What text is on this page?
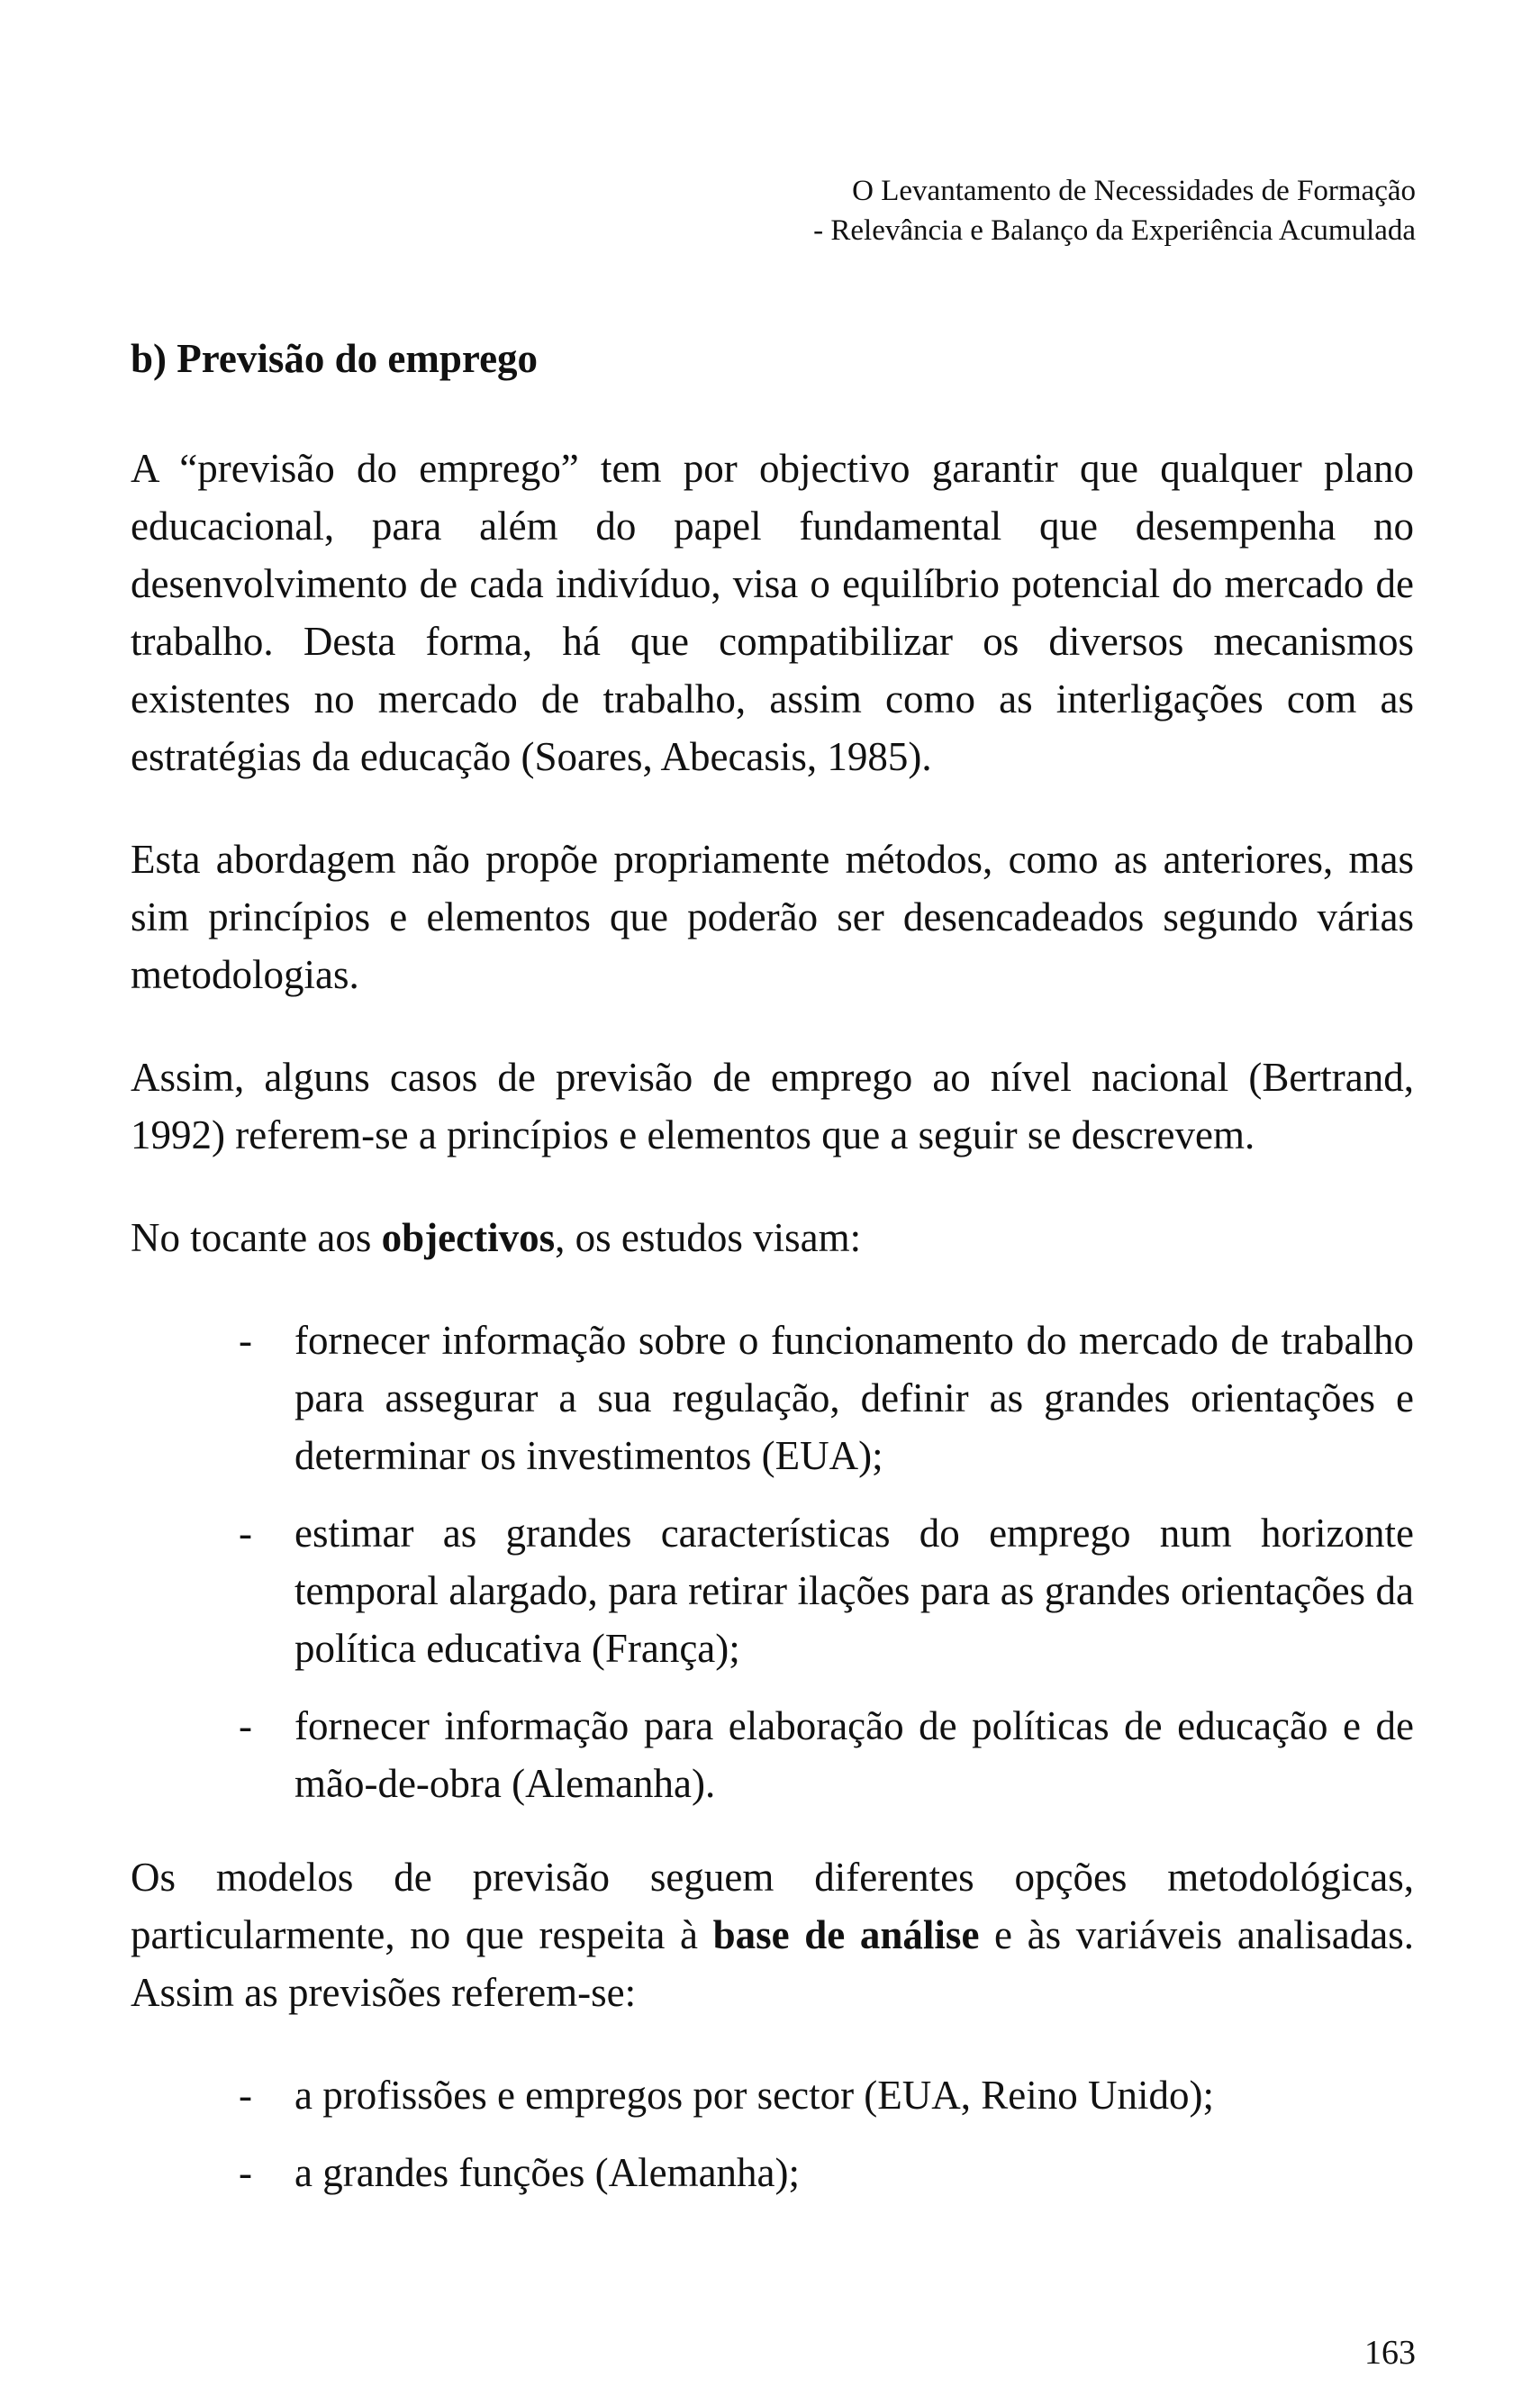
O Levantamento de Necessidades de Formação
- Relevância e Balanço da Experiência Acumulada
b) Previsão do emprego

A “previsão do emprego” tem por objectivo garantir que qualquer plano educacional, para além do papel fundamental que desempenha no desenvolvimento de cada indivíduo, visa o equilíbrio potencial do mercado de trabalho. Desta forma, há que compatibilizar os diversos mecanismos existentes no mercado de trabalho, assim como as interligações com as estratégias da educação (Soares, Abecasis, 1985).

Esta abordagem não propõe propriamente métodos, como as anteriores, mas sim princípios e elementos que poderão ser desencadeados segundo várias metodologias.

Assim, alguns casos de previsão de emprego ao nível nacional (Bertrand, 1992) referem-se a princípios e elementos que a seguir se descrevem.

No tocante aos objectivos, os estudos visam:

- fornecer informação sobre o funcionamento do mercado de trabalho para assegurar a sua regulação, definir as grandes orientações e determinar os investimentos (EUA);
- estimar as grandes características do emprego num horizonte temporal alargado, para retirar ilações para as grandes orientações da política educativa (França);
- fornecer informação para elaboração de políticas de educação e de mão-de-obra (Alemanha).

Os modelos de previsão seguem diferentes opções metodológicas, particularmente, no que respeita à base de análise e às variáveis analisadas. Assim as previsões referem-se:

- a profissões e empregos por sector (EUA, Reino Unido);
- a grandes funções (Alemanha);
163
